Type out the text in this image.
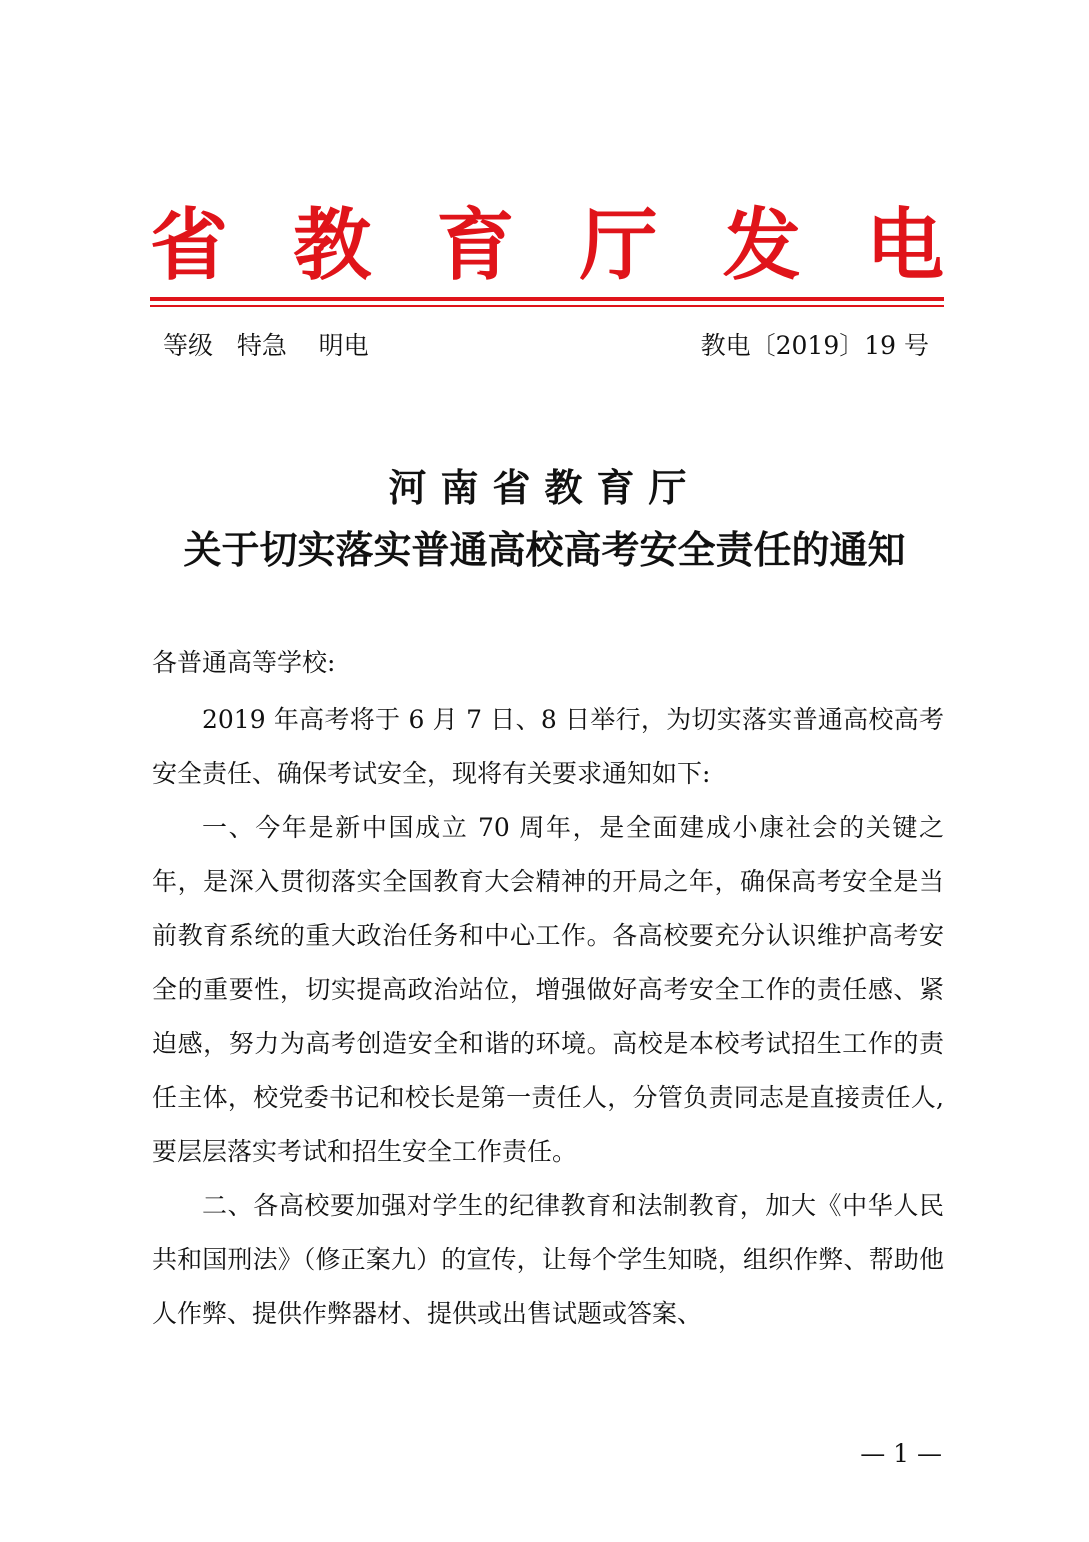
省 教 育 厅 发 电
等级 特急 明电	教电〔2019〕19 号
河南省教育厅
关于切实落实普通高校高考安全责任的通知
各普通高等学校:

2019 年高考将于 6 月 7 日、8 日举行，为切实落实普通高校高考安全责任、确保考试安全，现将有关要求通知如下:

一、今年是新中国成立 70 周年，是全面建成小康社会的关键之年，是深入贯彻落实全国教育大会精神的开局之年，确保高考安全是当前教育系统的重大政治任务和中心工作。各高校要充分认识维护高考安全的重要性，切实提高政治站位，增强做好高考安全工作的责任感、紧迫感，努力为高考创造安全和谐的环境。高校是本校考试招生工作的责任主体，校党委书记和校长是第一责任人，分管负责同志是直接责任人,要层层落实考试和招生安全工作责任。

二、各高校要加强对学生的纪律教育和法制教育，加大《中华人民共和国刑法》（修正案九）的宣传，让每个学生知晓，组织作弊、帮助他人作弊、提供作弊器材、提供或出售试题或答案、

— 1 —
